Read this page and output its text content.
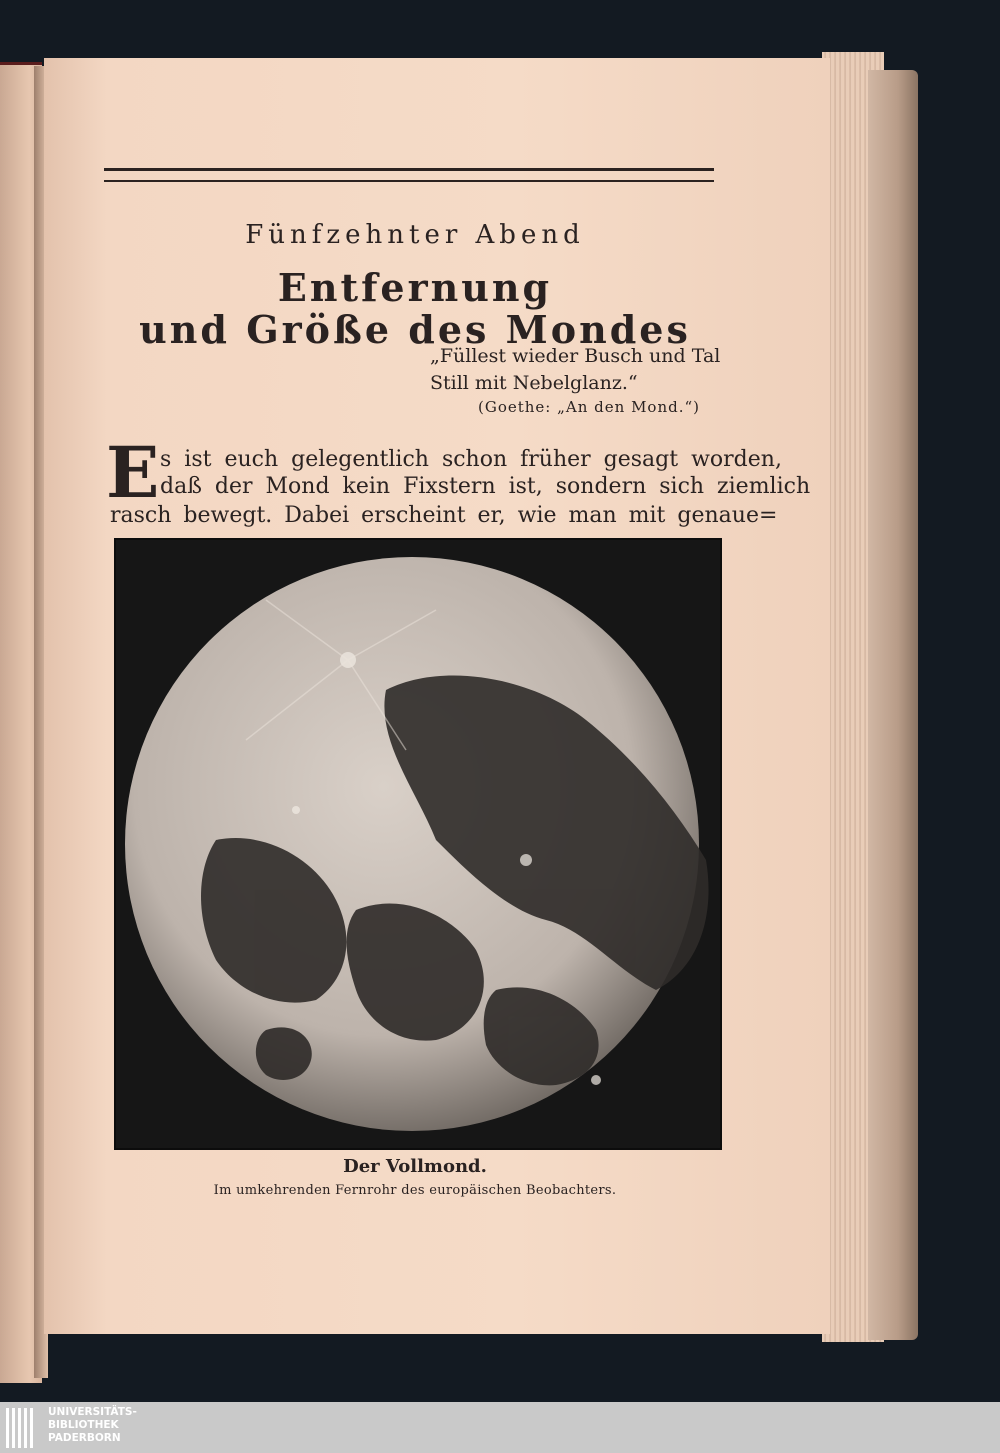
Fünfzehnter Abend
Entfernung
und Größe des Mondes
„Füllest wieder Busch und Tal
Still mit Nebelglanz.“
(Goethe: „An den Mond.“)
E s ist euch gelegentlich schon früher gesagt worden,
daß der Mond kein Fixstern ist, sondern sich ziemlich
rasch bewegt. Dabei erscheint er, wie man mit genaue=
Der Vollmond.
Im umkehrenden Fernrohr des europäischen Beobachters.
UNIVERSITÄTS-
BIBLIOTHEK
PADERBORN
